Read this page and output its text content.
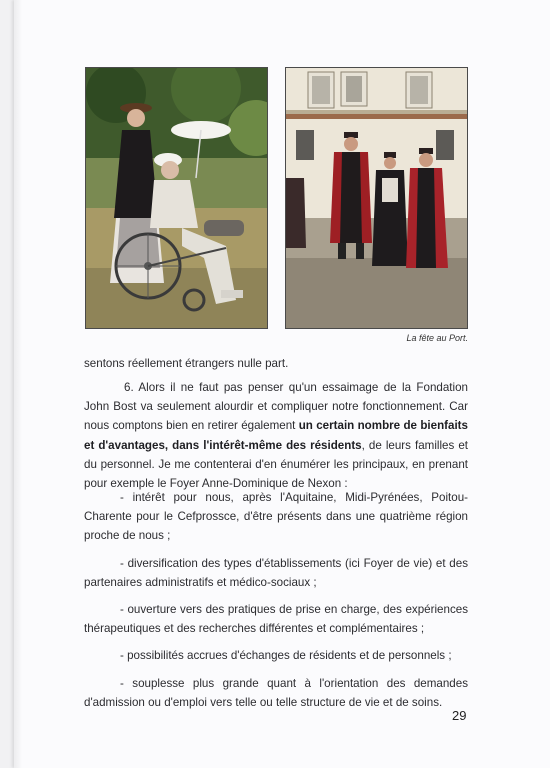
La fête au Port.
sentons réellement étrangers nulle part.
6. Alors il ne faut pas penser qu'un essaimage de la Fondation John Bost va seulement alourdir et compliquer notre fonctionnement. Car nous comptons bien en retirer également un certain nombre de bienfaits et d'avantages, dans l'intérêt-même des résidents, de leurs familles et du personnel. Je me contenterai d'en énumérer les principaux, en prenant pour exemple le Foyer Anne-Dominique de Nexon :
- intérêt pour nous, après l'Aquitaine, Midi-Pyrénées, Poitou-Charente pour le Cefprossce, d'être présents dans une quatrième région proche de nous ;
- diversification des types d'établissements (ici Foyer de vie) et des partenaires administratifs et médico-sociaux ;
- ouverture vers des pratiques de prise en charge, des expériences thérapeutiques et des recherches différentes et complémentaires ;
- possibilités accrues d'échanges de résidents et de personnels ;
- souplesse plus grande quant à l'orientation des demandes d'admission ou d'emploi vers telle ou telle structure de vie et de soins.
29
